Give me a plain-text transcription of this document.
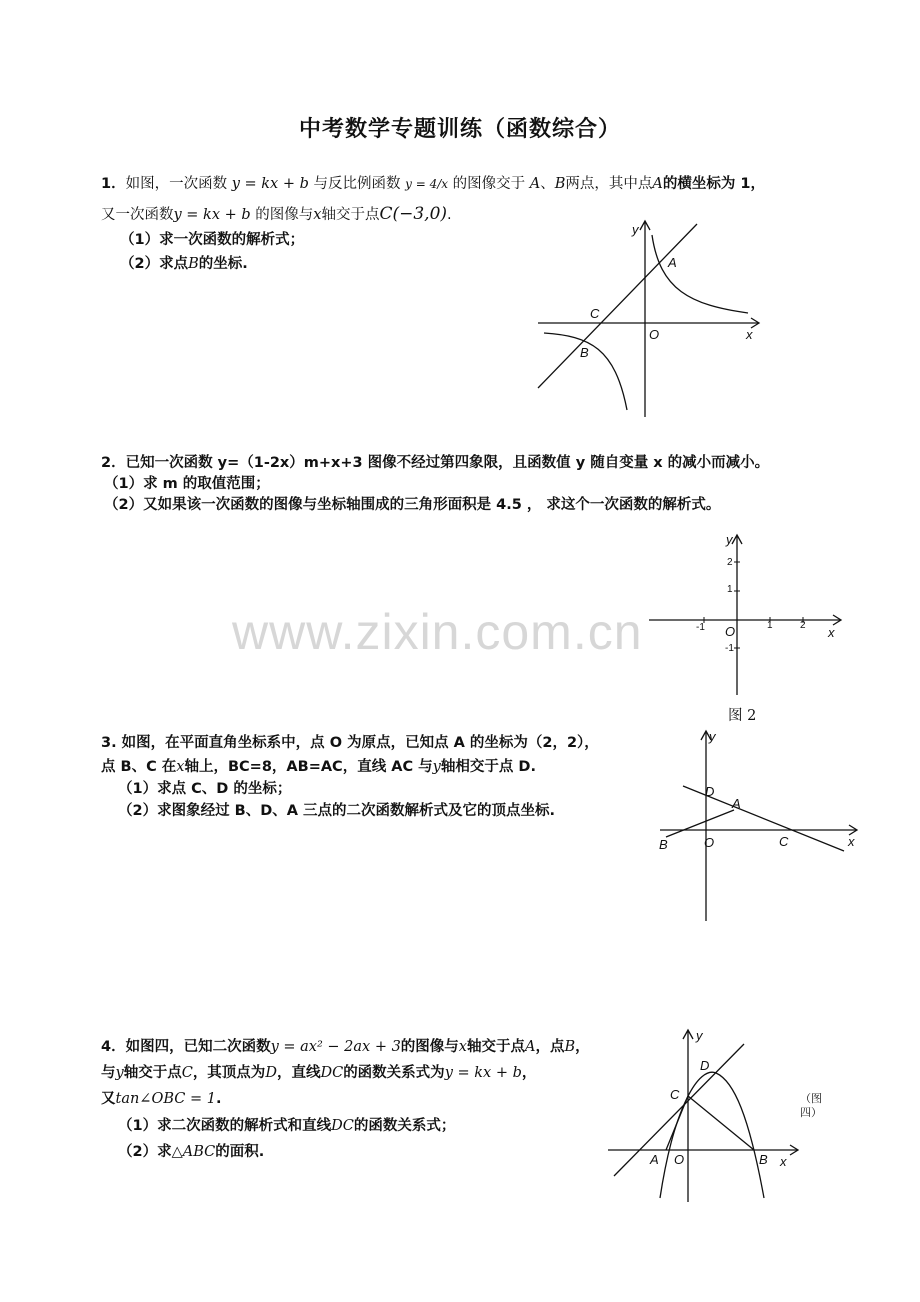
中考数学专题训练（函数综合）
www.zixin.com.cn
1．如图，一次函数 y = kx + b 与反比例函数 y = 4/x 的图像交于 A、B两点，其中点A的横坐标为 1，
又一次函数y = kx + b 的图像与x轴交于点C(−3,0).
（1）求一次函数的解析式；
（2）求点B的坐标.
y
x
O
A
C
B
2．已知一次函数 y=（1-2x）m+x+3 图像不经过第四象限，且函数值 y 随自变量 x 的减小而减小。
（1）求 m 的取值范围；
（2）又如果该一次函数的图像与坐标轴围成的三角形面积是 4.5 ， 求这个一次函数的解析式。
y
x
O
2
1
-1
-1	1	2
图 2
3. 如图，在平面直角坐标系中，点 O 为原点，已知点 A 的坐标为（2，2），
点 B、C 在x轴上，BC=8，AB=AC，直线 AC 与y轴相交于点 D.
（1）求点 C、D 的坐标；
（2）求图象经过 B、D、A 三点的二次函数解析式及它的顶点坐标.
y
x
O
D
A
B	C
4．如图四，已知二次函数y = ax² − 2ax + 3的图像与x轴交于点A，点B，
与y轴交于点C，其顶点为D，直线DC的函数关系式为y = kx + b，
又tan∠OBC = 1.
（1）求二次函数的解析式和直线DC的函数关系式；
（2）求△ABC的面积.
y
x
O
D
C
A	B
（图四）
